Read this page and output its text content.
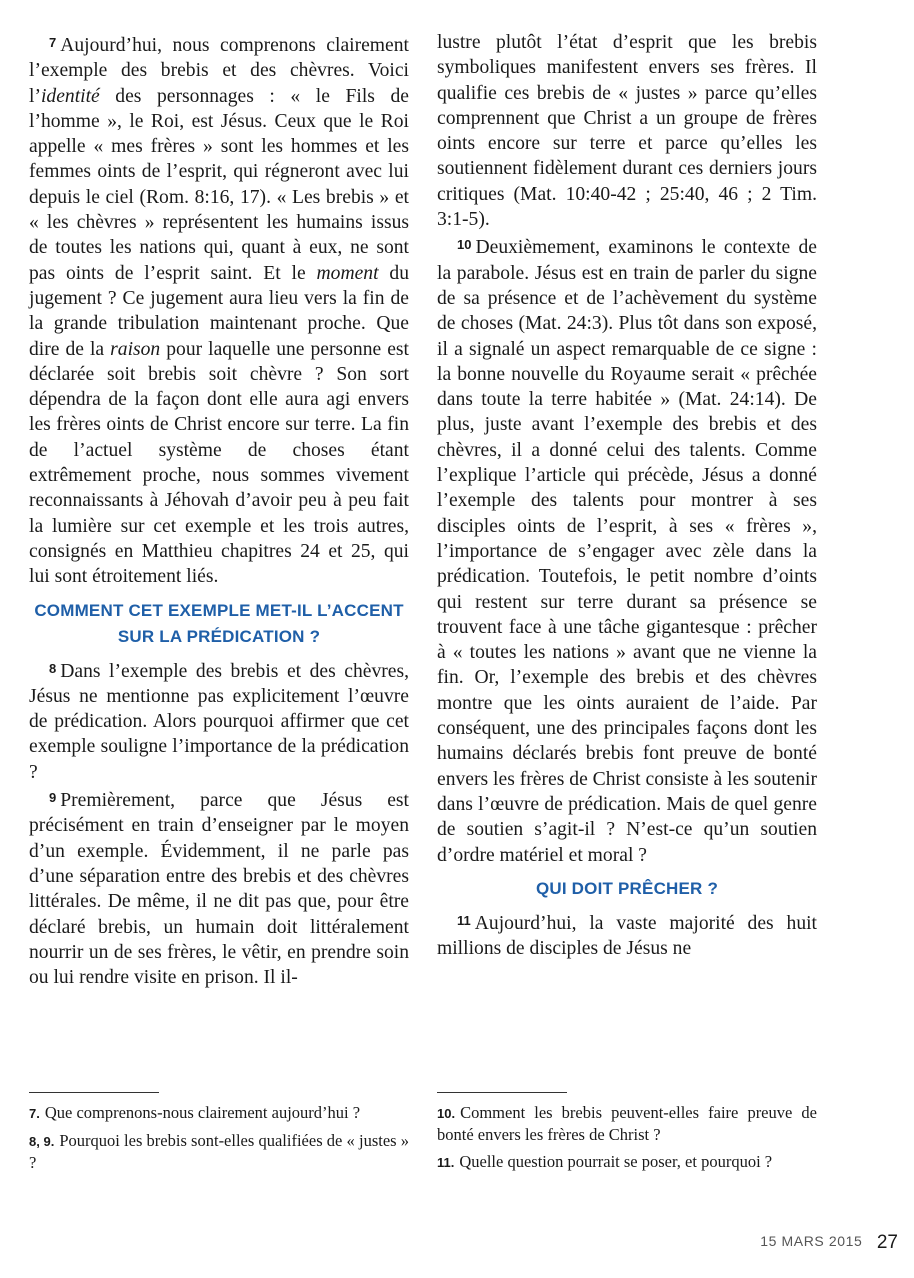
$^7$ Aujourd’hui, nous comprenons clairement l’exemple des brebis et des chèvres. Voici l’identité des personnages : « le Fils de l’homme », le Roi, est Jésus. Ceux que le Roi appelle « mes frères » sont les hommes et les femmes oints de l’esprit, qui régneront avec lui depuis le ciel (Rom. 8:16, 17). « Les brebis » et « les chèvres » représentent les humains issus de toutes les nations qui, quant à eux, ne sont pas oints de l’esprit saint. Et le moment du jugement ? Ce jugement aura lieu vers la fin de la grande tribulation maintenant proche. Que dire de la raison pour laquelle une personne est déclarée soit brebis soit chèvre ? Son sort dépendra de la façon dont elle aura agi envers les frères oints de Christ encore sur terre. La fin de l’actuel système de choses étant extrêmement proche, nous sommes vivement reconnaissants à Jéhovah d’avoir peu à peu fait la lumière sur cet exemple et les trois autres, consignés en Matthieu chapitres 24 et 25, qui lui sont étroitement liés.

COMMENT CET EXEMPLE MET-IL L’ACCENT SUR LA PRÉDICATION ?

$^8$ Dans l’exemple des brebis et des chèvres, Jésus ne mentionne pas explicitement l’œuvre de prédication. Alors pourquoi affirmer que cet exemple souligne l’importance de la prédication ?

$^9$ Premièrement, parce que Jésus est précisément en train d’enseigner par le moyen d’un exemple. Évidemment, il ne parle pas d’une séparation entre des brebis et des chèvres littérales. De même, il ne dit pas que, pour être déclaré brebis, un humain doit littéralement nourrir un de ses frères, le vêtir, en prendre soin ou lui rendre visite en prison. Il il-

lustre plutôt l’état d’esprit que les brebis symboliques manifestent envers ses frères. Il qualifie ces brebis de « justes » parce qu’elles comprennent que Christ a un groupe de frères oints encore sur terre et parce qu’elles les soutiennent fidèlement durant ces derniers jours critiques (Mat. 10:40-42 ; 25:40, 46 ; 2 Tim. 3:1-5).

$^{10}$ Deuxièmement, examinons le contexte de la parabole. Jésus est en train de parler du signe de sa présence et de l’achèvement du système de choses (Mat. 24:3). Plus tôt dans son exposé, il a signalé un aspect remarquable de ce signe : la bonne nouvelle du Royaume serait « prêchée dans toute la terre habitée » (Mat. 24:14). De plus, juste avant l’exemple des brebis et des chèvres, il a donné celui des talents. Comme l’explique l’article qui précède, Jésus a donné l’exemple des talents pour montrer à ses disciples oints de l’esprit, à ses « frères », l’importance de s’engager avec zèle dans la prédication. Toutefois, le petit nombre d’oints qui restent sur terre durant sa présence se trouvent face à une tâche gigantesque : prêcher à « toutes les nations » avant que ne vienne la fin. Or, l’exemple des brebis et des chèvres montre que les oints auraient de l’aide. Par conséquent, une des principales façons dont les humains déclarés brebis font preuve de bonté envers les frères de Christ consiste à les soutenir dans l’œuvre de prédication. Mais de quel genre de soutien s’agit-il ? N’est-ce qu’un soutien d’ordre matériel et moral ?

QUI DOIT PRÊCHER ?

$^{11}$ Aujourd’hui, la vaste majorité des huit millions de disciples de Jésus ne

7. Que comprenons-nous clairement aujourd’hui ?

8, 9. Pourquoi les brebis sont-elles qualifiées de « justes » ?

10. Comment les brebis peuvent-elles faire preuve de bonté envers les frères de Christ ?

11. Quelle question pourrait se poser, et pourquoi ?

15 MARS 2015 27
